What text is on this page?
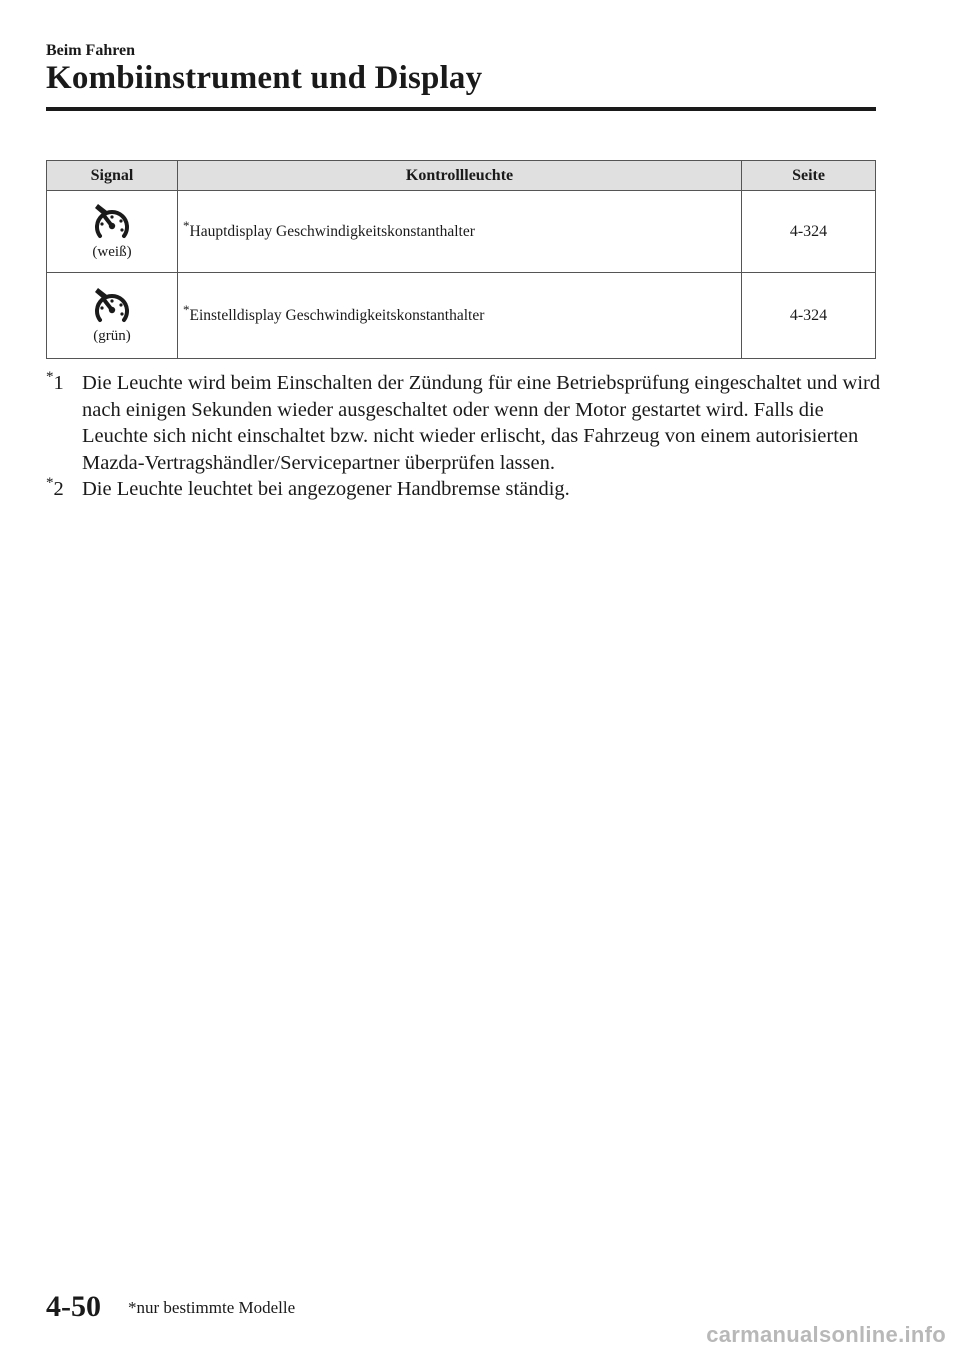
Beim Fahren
Kombiinstrument und Display
Signal	Kontrollleuchte	Seite

(weiß)	*Hauptdisplay Geschwindigkeitskonstanthalter	4-324

(grün)	*Einstelldisplay Geschwindigkeitskonstanthalter	4-324
*1 Die Leuchte wird beim Einschalten der Zündung für eine Betriebsprüfung eingeschaltet und wird nach einigen Sekunden wieder ausgeschaltet oder wenn der Motor gestartet wird. Falls die Leuchte sich nicht einschaltet bzw. nicht wieder erlischt, das Fahrzeug von einem autorisierten Mazda-Vertragshändler/Servicepartner überprüfen lassen.
*2 Die Leuchte leuchtet bei angezogener Handbremse ständig.
4-50 *nur bestimmte Modelle
carmanualsonline.info
